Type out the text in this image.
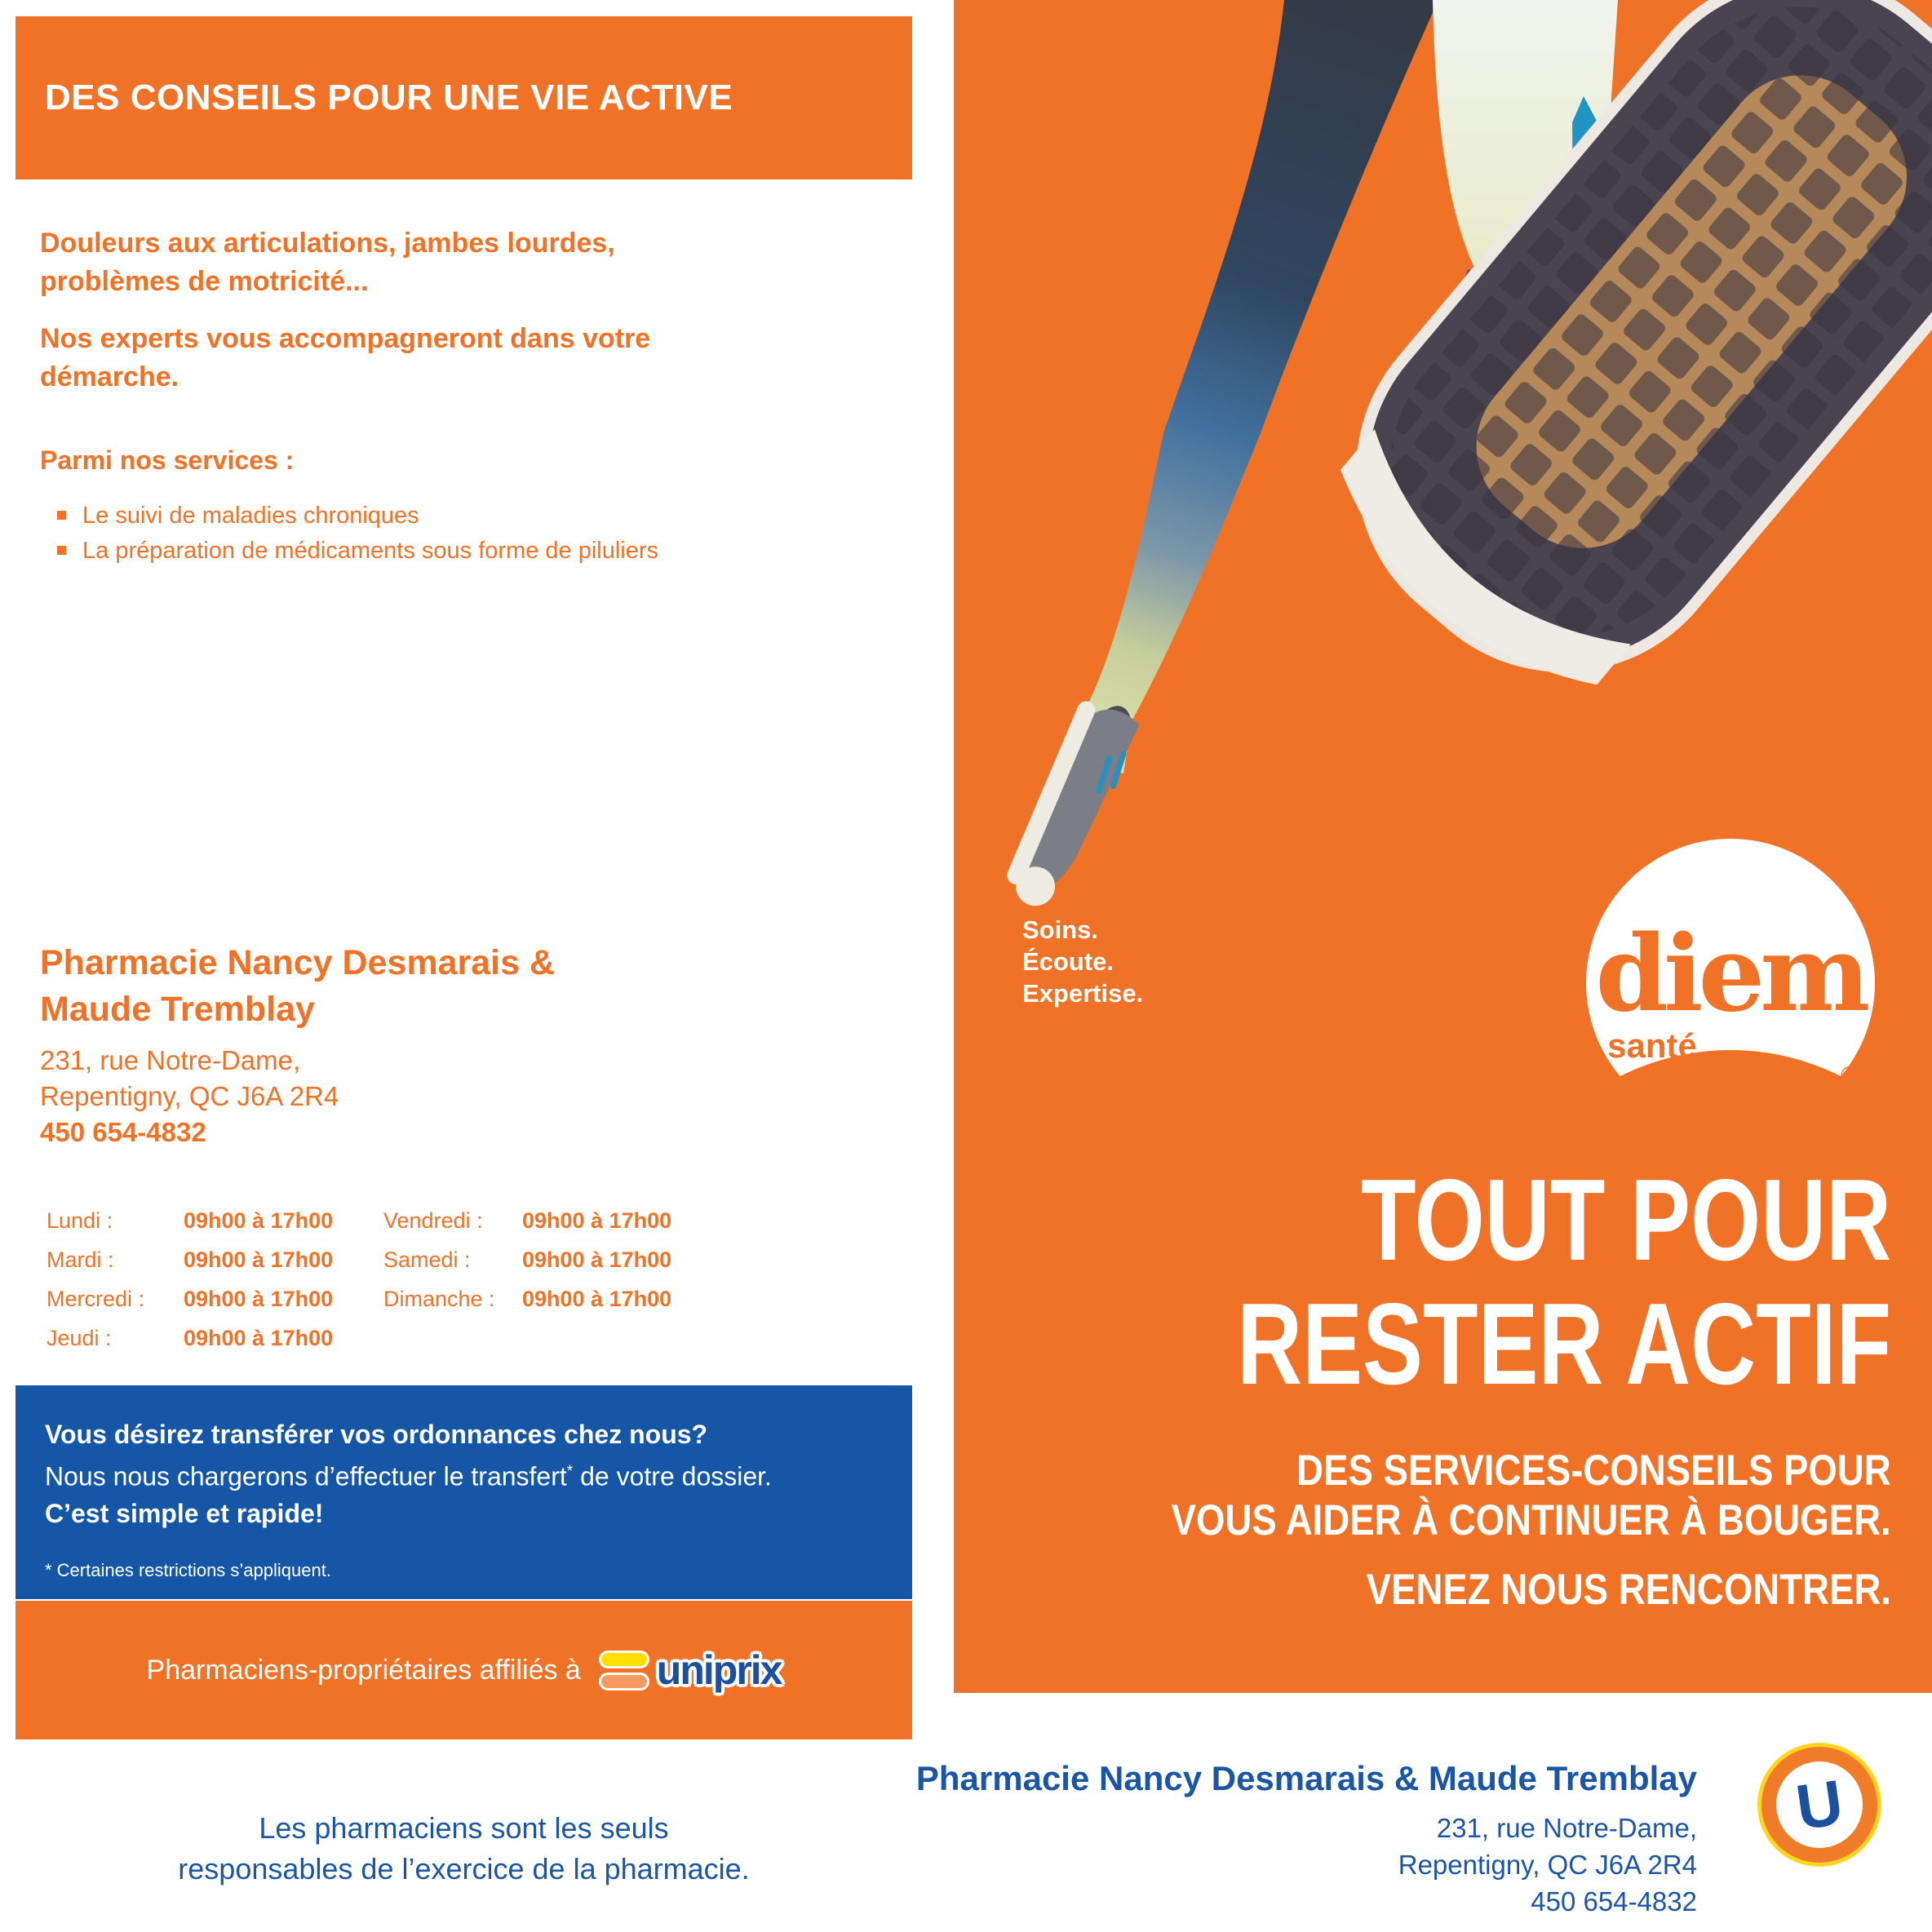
Soins.
Écoute.
Expertise.	diem
santé
®
TOUT POUR
RESTER ACTIF
DES SERVICES-CONSEILS POUR
VOUS AIDER À CONTINUER À BOUGER.
VENEZ NOUS RENCONTRER.
DES CONSEILS POUR UNE VIE ACTIVE
Douleurs aux articulations, jambes lourdes,
problèmes de motricité...
Nos experts vous accompagneront dans votre
démarche.
Parmi nos services :
Le suivi de maladies chroniques
La préparation de médicaments sous forme de piluliers
Pharmacie Nancy Desmarais &
Maude Tremblay
231, rue Notre-Dame,
Repentigny, QC J6A 2R4
450 654-4832
Lundi :	09h00 à 17h00
Mardi :	09h00 à 17h00
Mercredi :	09h00 à 17h00
Jeudi :	09h00 à 17h00
Vendredi :	09h00 à 17h00
Samedi :	09h00 à 17h00
Dimanche :	09h00 à 17h00
Vous désirez transférer vos ordonnances chez nous?
Nous nous chargerons d’effectuer le transfert* de votre dossier.
C’est simple et rapide!
* Certaines restrictions s’appliquent.
Pharmaciens-propriétaires affiliés à uniprix
Les pharmaciens sont les seuls
responsables de l’exercice de la pharmacie.
Pharmacie Nancy Desmarais & Maude Tremblay
231, rue Notre-Dame,
Repentigny, QC J6A 2R4
450 654-4832
U
